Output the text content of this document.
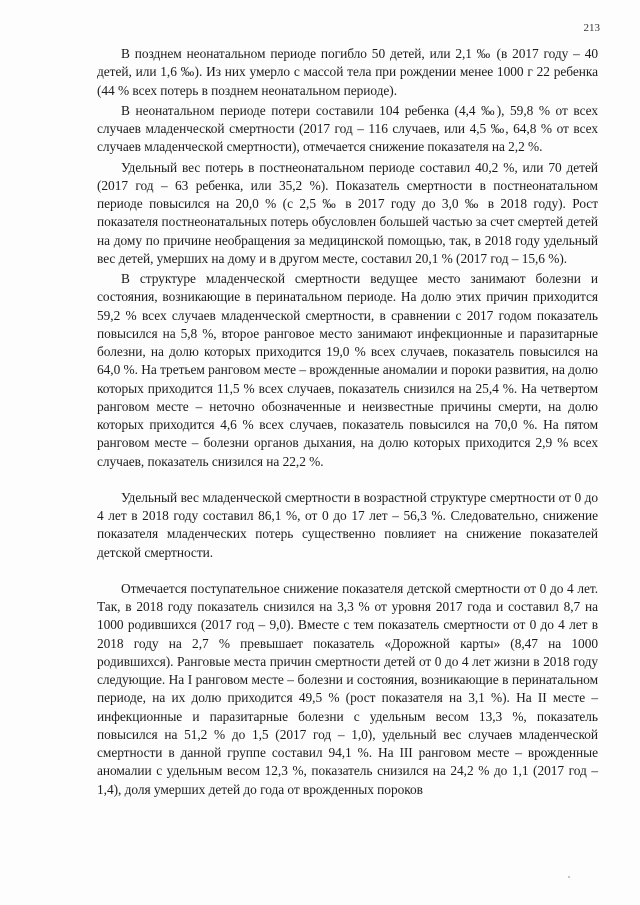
213

В позднем неонатальном периоде погибло 50 детей, или 2,1 ‰ (в 2017 году – 40 детей, или 1,6 ‰). Из них умерло с массой тела при рождении менее 1000 г 22 ребенка (44 % всех потерь в позднем неонатальном периоде).

В неонатальном периоде потери составили 104 ребенка (4,4 ‰), 59,8 % от всех случаев младенческой смертности (2017 год – 116 случаев, или 4,5 ‰, 64,8 % от всех случаев младенческой смертности), отмечается снижение показателя на 2,2 %.

Удельный вес потерь в постнеонатальном периоде составил 40,2 %, или 70 детей (2017 год – 63 ребенка, или 35,2 %). Показатель смертности в постнеонатальном периоде повысился на 20,0 % (с 2,5 ‰ в 2017 году до 3,0 ‰ в 2018 году). Рост показателя постнеонатальных потерь обусловлен большей частью за счет смертей детей на дому по причине необращения за медицинской помощью, так, в 2018 году удельный вес детей, умерших на дому и в другом месте, составил 20,1 % (2017 год – 15,6 %).

В структуре младенческой смертности ведущее место занимают болезни и состояния, возникающие в перинатальном периоде. На долю этих причин приходится 59,2 % всех случаев младенческой смертности, в сравнении с 2017 годом показатель повысился на 5,8 %, второе ранговое место занимают инфекционные и паразитарные болезни, на долю которых приходится 19,0 % всех случаев, показатель повысился на 64,0 %. На третьем ранговом месте – врожденные аномалии и пороки развития, на долю которых приходится 11,5 % всех случаев, показатель снизился на 25,4 %. На четвертом ранговом месте – неточно обозначенные и неизвестные причины смерти, на долю которых приходится 4,6 % всех случаев, показатель повысился на 70,0 %. На пятом ранговом месте – болезни органов дыхания, на долю которых приходится 2,9 % всех случаев, показатель снизился на 22,2 %.

Удельный вес младенческой смертности в возрастной структуре смертности от 0 до 4 лет в 2018 году составил 86,1 %, от 0 до 17 лет – 56,3 %. Следовательно, снижение показателя младенческих потерь существенно повлияет на снижение показателей детской смертности.

Отмечается поступательное снижение показателя детской смертности от 0 до 4 лет. Так, в 2018 году показатель снизился на 3,3 % от уровня 2017 года и составил 8,7 на 1000 родившихся (2017 год – 9,0). Вместе с тем показатель смертности от 0 до 4 лет в 2018 году на 2,7 % превышает показатель «Дорожной карты» (8,47 на 1000 родившихся). Ранговые места причин смертности детей от 0 до 4 лет жизни в 2018 году следующие. На I ранговом месте – болезни и состояния, возникающие в перинатальном периоде, на их долю приходится 49,5 % (рост показателя на 3,1 %). На II месте – инфекционные и паразитарные болезни с удельным весом 13,3 %, показатель повысился на 51,2 % до 1,5 (2017 год – 1,0), удельный вес случаев младенческой смертности в данной группе составил 94,1 %. На III ранговом месте – врожденные аномалии с удельным весом 12,3 %, показатель снизился на 24,2 % до 1,1 (2017 год – 1,4), доля умерших детей до года от врожденных пороков
